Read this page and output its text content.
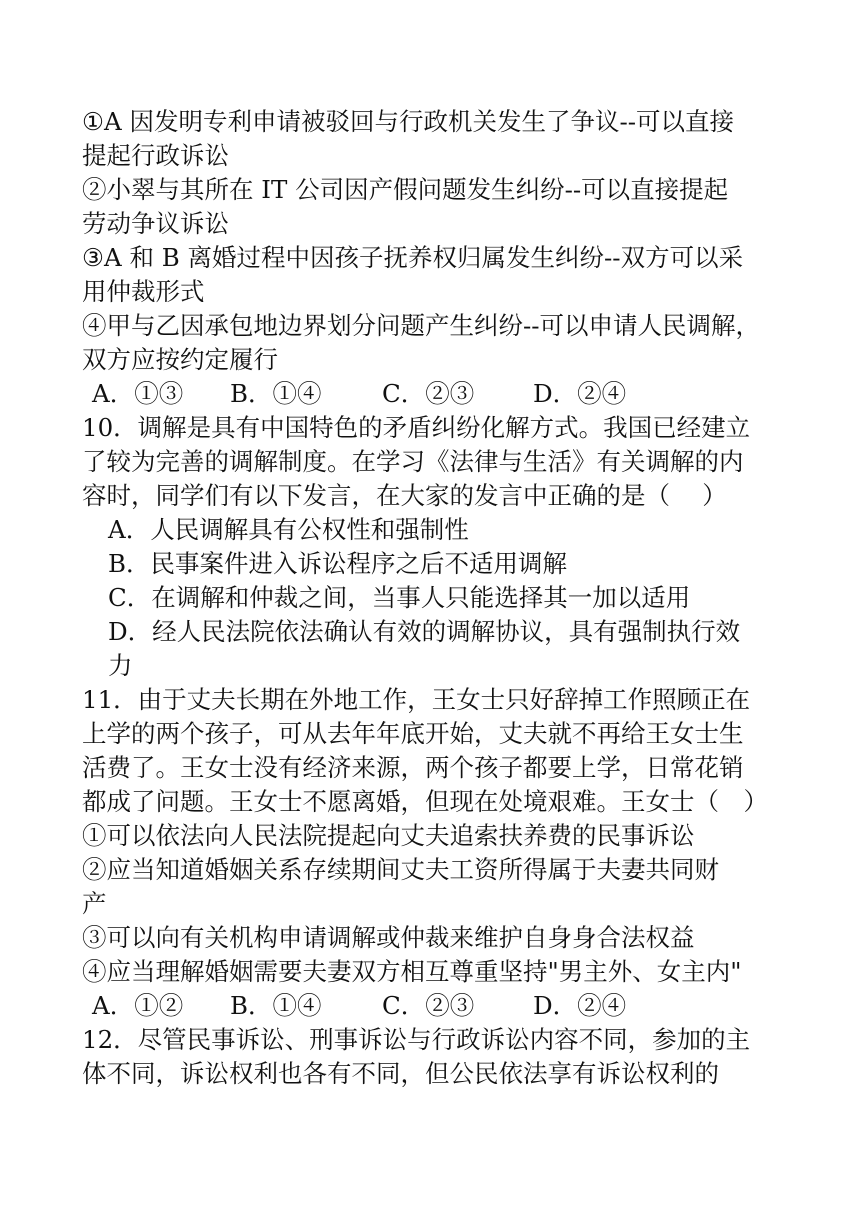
①A 因发明专利申请被驳回与行政机关发生了争议--可以直接
提起行政诉讼
②小翠与其所在 IT 公司因产假问题发生纠纷--可以直接提起
劳动争议诉讼
③A 和 B 离婚过程中因孩子抚养权归属发生纠纷--双方可以采
用仲裁形式
④甲与乙因承包地边界划分问题产生纠纷--可以申请人民调解，
双方应按约定履行
A．①③ B．①④ C．②③ D．②④
10．调解是具有中国特色的矛盾纠纷化解方式。我国已经建立
了较为完善的调解制度。在学习《法律与生活》有关调解的内
容时，同学们有以下发言，在大家的发言中正确的是（　 ）
A．人民调解具有公权性和强制性
B．民事案件进入诉讼程序之后不适用调解
C．在调解和仲裁之间，当事人只能选择其一加以适用
D．经人民法院依法确认有效的调解协议，具有强制执行效
力
11．由于丈夫长期在外地工作，王女士只好辞掉工作照顾正在
上学的两个孩子，可从去年年底开始，丈夫就不再给王女士生
活费了。王女士没有经济来源，两个孩子都要上学，日常花销
都成了问题。王女士不愿离婚，但现在处境艰难。王女士（　）
①可以依法向人民法院提起向丈夫追索扶养费的民事诉讼
②应当知道婚姻关系存续期间丈夫工资所得属于夫妻共同财
产
③可以向有关机构申请调解或仲裁来维护自身身合法权益
④应当理解婚姻需要夫妻双方相互尊重坚持"男主外、女主内"
A．①② B．①④ C．②③ D．②④
12．尽管民事诉讼、刑事诉讼与行政诉讼内容不同，参加的主
体不同，诉讼权利也各有不同，但公民依法享有诉讼权利的
